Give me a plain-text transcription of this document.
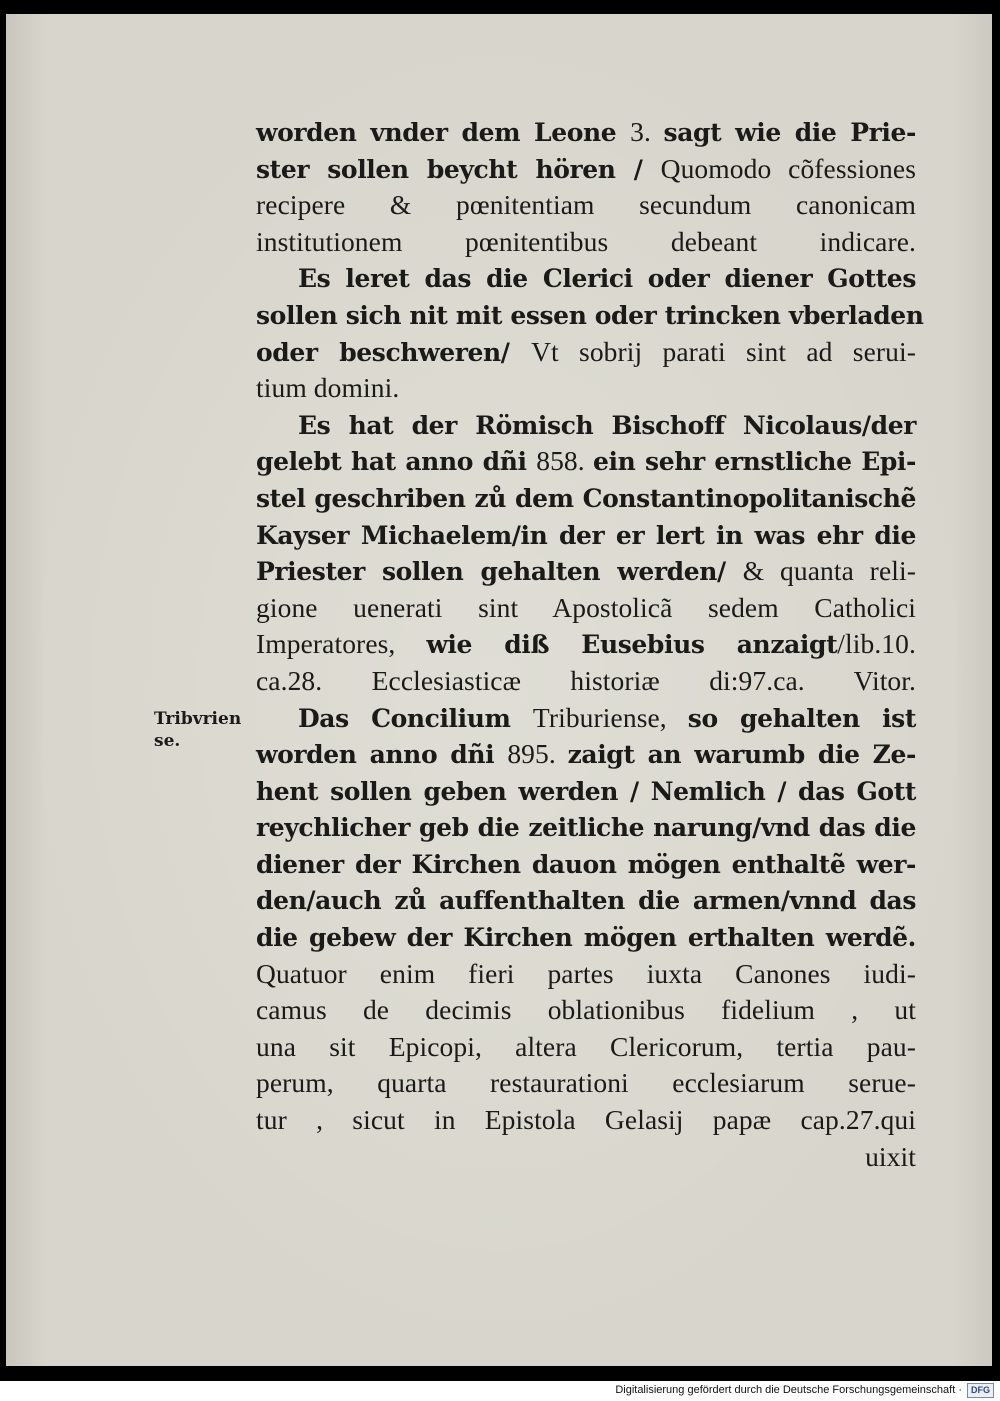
Tribvrien
se.
worden vnder dem Leone 3. sagt wie die Prie-
ster sollen beycht hören / Quomodo cõfessiones
recipere & pœnitentiam secundum canonicam
institutionem pœnitentibus debeant indicare.
Es leret das die Clerici oder diener Gottes
sollen sich nit mit essen oder trincken vberladen
oder beschweren/ Vt sobrij parati sint ad serui-
tium domini.
Es hat der Römisch Bischoff Nicolaus/der
gelebt hat anno dñi 858. ein sehr ernstliche Epi-
stel geschriben zů dem Constantinopolitanischẽ
Kayser Michaelem/in der er lert in was ehr die
Priester sollen gehalten werden/ & quanta reli-
gione uenerati sint Apostolicã sedem Catholici
Imperatores, wie diß Eusebius anzaigt/lib.10.
ca.28. Ecclesiasticæ historiæ di:97.ca. Vitor.
Das Concilium Triburiense, so gehalten ist
worden anno dñi 895. zaigt an warumb die Ze-
hent sollen geben werden / Nemlich / das Gott
reychlicher geb die zeitliche narung/vnd das die
diener der Kirchen dauon mögen enthaltẽ wer-
den/auch zů auffenthalten die armen/vnnd das
die gebew der Kirchen mögen erthalten werdẽ.
Quatuor enim fieri partes iuxta Canones iudi-
camus de decimis oblationibus fidelium , ut
una sit Epicopi, altera Clericorum, tertia pau-
perum, quarta restaurationi ecclesiarum serue-
tur , sicut in Epistola Gelasij papæ cap.27.qui
uixit
Digitalisierung gefördert durch die Deutsche Forschungsgemeinschaft ·	DFG
